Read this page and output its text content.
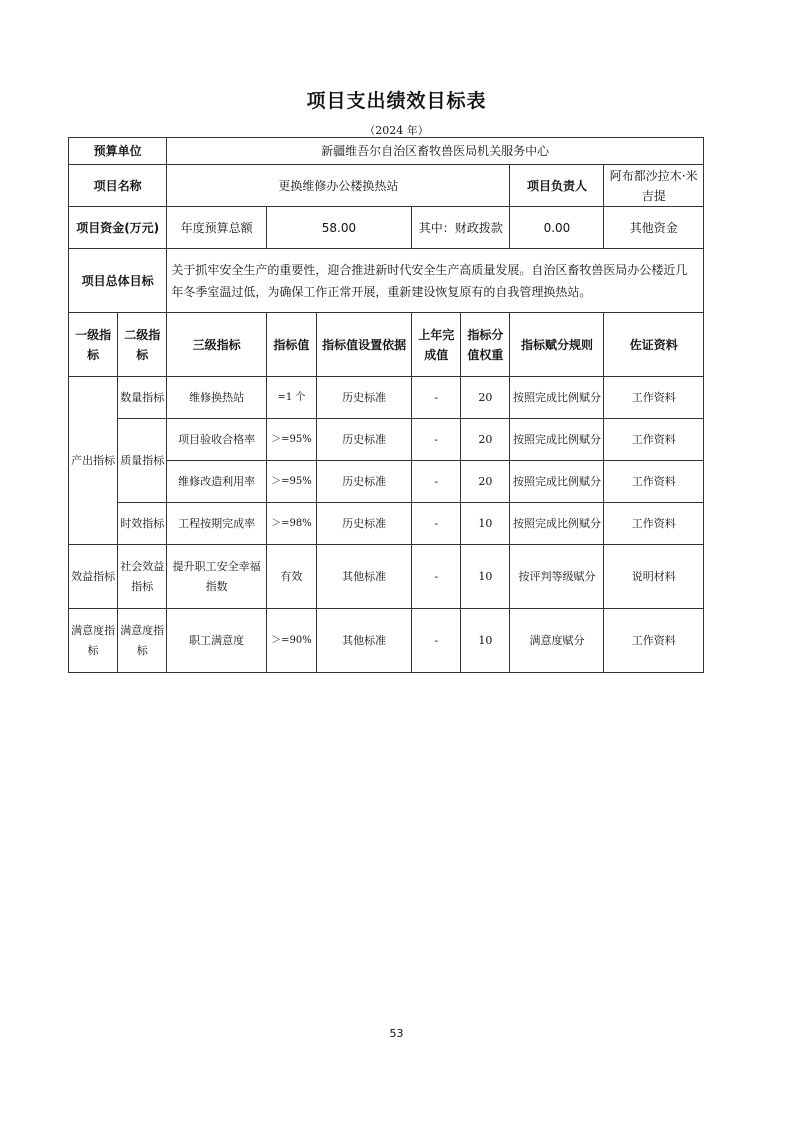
项目支出绩效目标表
（2024 年）
预算单位		新疆维吾尔自治区畜牧兽医局机关服务中心						
项目名称		更换维修办公楼换热站					项目负责人	阿布都沙拉木·米吉提
项目资金(万元)		年度预算总额	58.00		其中：财政拨款		0.00	其他资金
项目总体目标		关于抓牢安全生产的重要性，迎合推进新时代安全生产高质量发展。自治区畜牧兽医局办公楼近几年冬季室温过低，为确保工作正常开展，重新建设恢复原有的自我管理换热站。						
一级指标	二级指标	三级指标	指标值	指标值设置依据	上年完成值	指标分值权重	指标赋分规则	佐证资料
产出指标	数量指标	维修换热站	=1 个	历史标准	-	20	按照完成比例赋分	工作资料
	质量指标	项目验收合格率	＞=95%	历史标准	-	20	按照完成比例赋分	工作资料
		维修改造利用率	＞=95%	历史标准	-	20	按照完成比例赋分	工作资料
	时效指标	工程按期完成率	＞=98%	历史标准	-	10	按照完成比例赋分	工作资料
效益指标	社会效益指标	提升职工安全幸福指数	有效	其他标准	-	10	按评判等级赋分	说明材料
满意度指标	满意度指标	职工满意度	＞=90%	其他标准	-	10	满意度赋分	工作资料
53
